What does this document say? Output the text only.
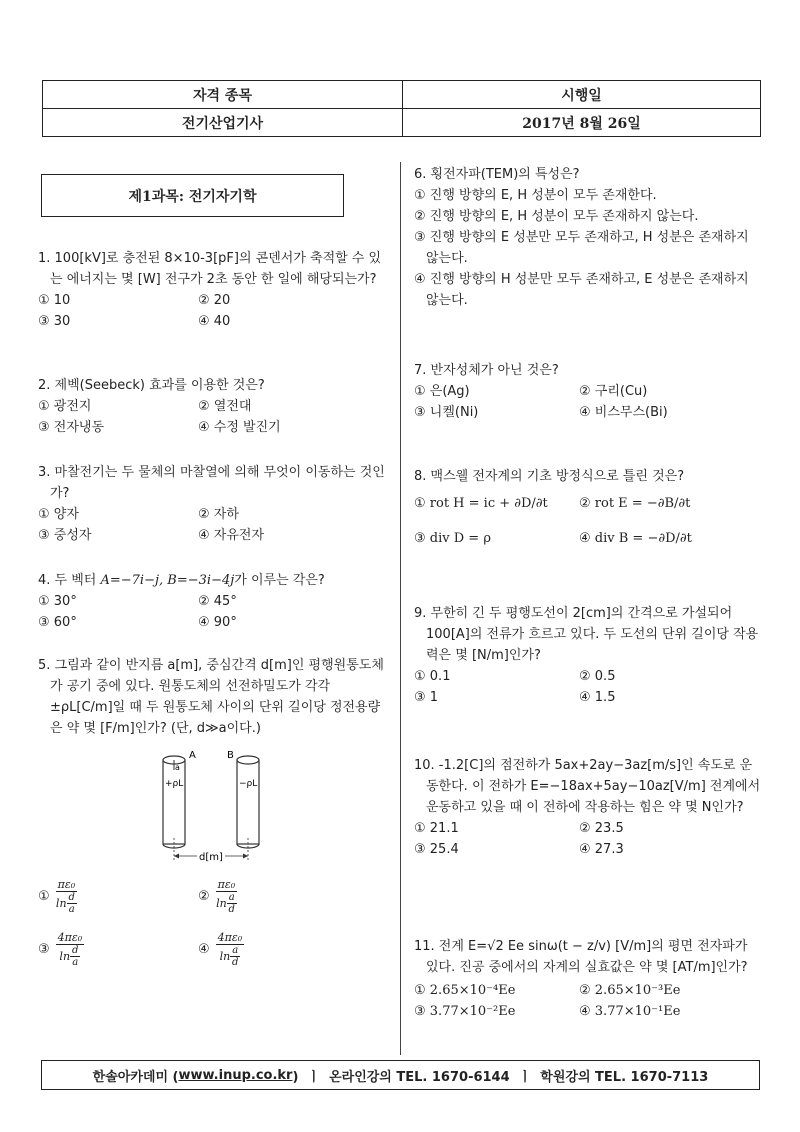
자격 종목	시행일
전기산업기사	2017년 8월 26일
제1과목: 전기자기학
1. 100[kV]로 충전된 8×10-3[pF]의 콘덴서가 축적할 수 있는 에너지는 몇 [W] 전구가 2초 동안 한 일에 해당되는가?
① 10	② 20
③ 30	④ 40
2. 제벡(Seebeck) 효과를 이용한 것은?
① 광전지	② 열전대
③ 전자냉동	④ 수정 발진기
3. 마찰전기는 두 물체의 마찰열에 의해 무엇이 이동하는 것인가?
① 양자	② 자하
③ 중성자	④ 자유전자
4. 두 벡터 A=−7i−j, B=−3i−4j가 이루는 각은?
① 30°	② 45°
③ 60°	④ 90°
5. 그림과 같이 반지름 a[m], 중심간격 d[m]인 평행원통도체가 공기 중에 있다. 원통도체의 선전하밀도가 각각 ±ρL[C/m]일 때 두 원통도체 사이의 단위 길이당 정전용량은 약 몇 [F/m]인가? (단, d≫a이다.)
A	B
a
+ρL	−ρL
d[m]
① $\frac{\text{πε₀}}{\ln \frac{d}{a}}$	② $\frac{\text{πε₀}}{\ln \frac{a}{d}}$
③ $\frac{\text{4πε₀}}{\ln \frac{d}{a}}$	④ $\frac{\text{4πε₀}}{\ln \frac{a}{d}}$
6. 횡전자파(TEM)의 특성은?
① 진행 방향의 E, H 성분이 모두 존재한다.
② 진행 방향의 E, H 성분이 모두 존재하지 않는다.
③ 진행 방향의 E 성분만 모두 존재하고, H 성분은 존재하지 않는다.
④ 진행 방향의 H 성분만 모두 존재하고, E 성분은 존재하지 않는다.
7. 반자성체가 아닌 것은?
① 은(Ag)	② 구리(Cu)
③ 니켈(Ni)	④ 비스무스(Bi)
8. 맥스웰 전자계의 기초 방정식으로 틀린 것은?
① rot H = ic + ∂D/∂t	② rot E = −∂B/∂t
③ div D = ρ	④ div B = −∂D/∂t
9. 무한히 긴 두 평행도선이 2[cm]의 간격으로 가설되어 100[A]의 전류가 흐르고 있다. 두 도선의 단위 길이당 작용력은 몇 [N/m]인가?
① 0.1	② 0.5
③ 1	④ 1.5
10. -1.2[C]의 점전하가 5ax+2ay−3az[m/s]인 속도로 운동한다. 이 전하가 E=−18ax+5ay−10az[V/m] 전계에서 운동하고 있을 때 이 전하에 작용하는 힘은 약 몇 N인가?
① 21.1	② 23.5
③ 25.4	④ 27.3
11. 전계 E=√2 Ee sinω(t − z/v) [V/m]의 평면 전자파가 있다. 진공 중에서의 자계의 실효값은 약 몇 [AT/m]인가?
① 2.65×10⁻⁴Ee	② 2.65×10⁻³Ee
③ 3.77×10⁻²Ee	④ 3.77×10⁻¹Ee
한솔아카데미 ( www.inup.co.kr )  ㅣ  온라인강의 TEL. 1670-6144  ㅣ  학원강의 TEL. 1670-7113
